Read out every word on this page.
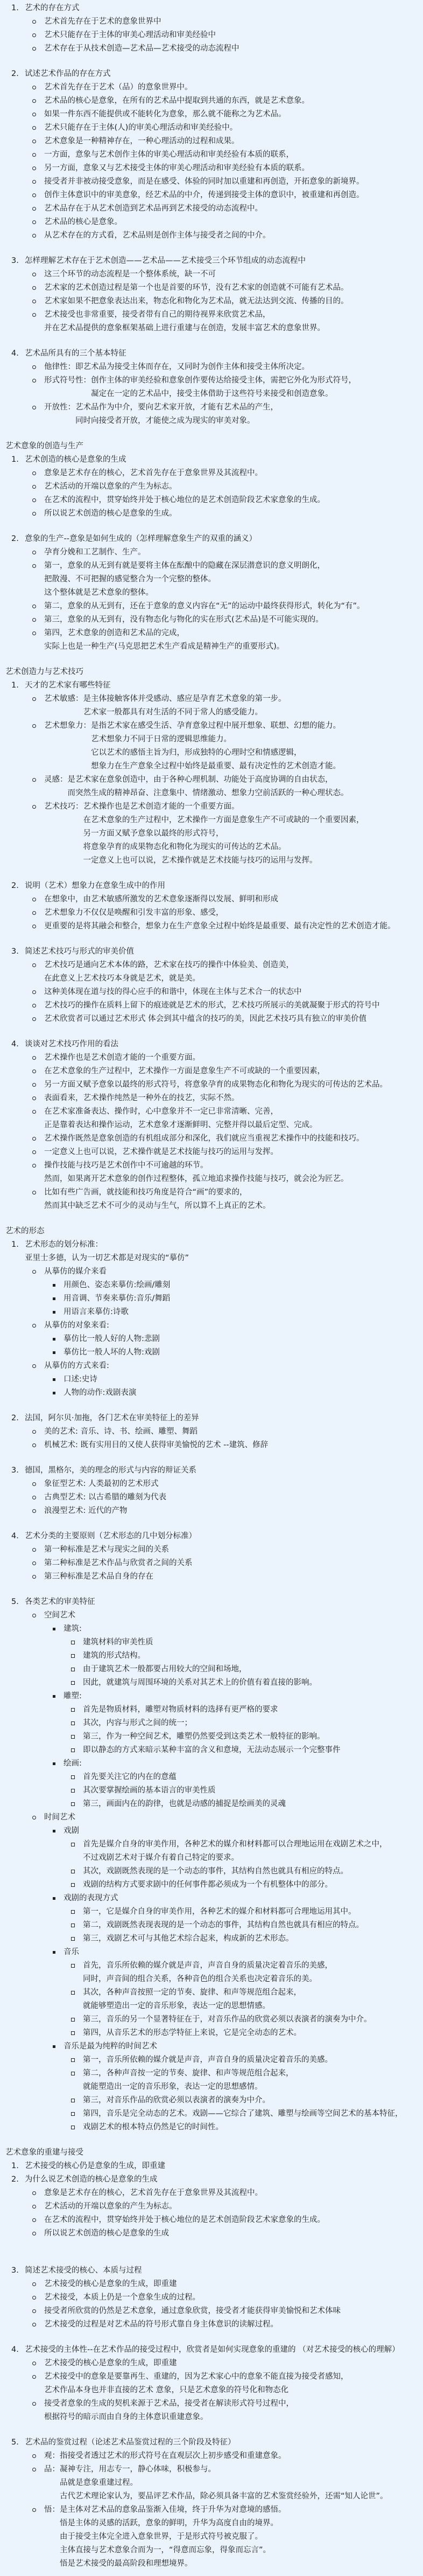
1. 艺术的存在方式
艺术首先存在于艺术的意象世界中
艺术只能存在于主体的审美心理活动和审美经验中
艺术存在于从技术创造—艺术品—艺术接受的动态流程中
2. 试述艺术作品的存在方式
艺术首先存在于艺术（品）的意象世界中。
艺术品的核心是意象，在所有的艺术品中提取到共通的东西，就是艺术意象。
如果一件东西不能提供或不能转化为意象，那么就不能称之为艺术品。
艺术只能存在于主体(人)的审美心理活动和审美经验中。
艺术意象是一种精神存在，一种心理活动的过程和成果。
一方面，意象与艺术创作主体的审美心理活动和审美经验有本质的联系，
另一方面，意象又与艺术接受主体的审美心理活动和审美经验有本质的联系。
接受者并非被动接受意象，而是在感受、体验的同时加以重建和再创造，开拓意象的新境界。
创作主体意识中的审美意象，经艺术品的中介，传递到接受主体的意识中，被重建和再创造。
艺术品存在于从艺术创造到艺术品再到艺术接受的动态流程中。
艺术品的核心是意象。
从艺术存在的方式看，艺术品则是创作主体与接受者之间的中介。
3. 怎样理解艺术存在于艺术创造——艺术品——艺术接受三个环节组成的动态流程中
这三个环节的动态流程是一个整体系统，缺一不可
艺术家的艺术创造过程是第一个也是首要的环节，没有艺术家的创造就不可能有艺术品。
艺术家如果不把意象表达出来，物态化和物化为艺术品，就无法达到交流、传播的目的。
艺术接受也非常重要，接受者带有自己的期待视界来欣赏艺术品，
并在艺术品提供的意象框架基础上进行重建与在创造，发展丰富艺术的意象世界。
4. 艺术品所具有的三个基本特征
他律性：即艺术品为接受主体而存在，又同时为创作主体和接受主体所决定。
形式符号性：创作主体的审美经验和意象创作要传达给接受主体，需把它外化为形式符号，
凝定在一定的艺术品中，接受主体借助于这些符号来接受和创造意象。
开放性：艺术品作为中介，要向艺术家开放，才能有艺术品的产生，
同时向接受者开放，才能使之成为现实的审美对象。
艺术意象的创造与生产
1. 艺术创造的核心是意象的生成
意象是艺术存在的核心，艺术首先存在于意象世界及其流程中。
艺术活动的开端以意象的产生为标志。
在艺术的流程中，贯穿始终并处于核心地位的是艺术创造阶段艺术家意象的生成。
所以说艺术创造的核心是意象的生成。
2. 意象的生产--意象是如何生成的（怎样理解意象生产的双重的涵义）
孕育分娩和工艺制作、生产。
第一，意象的从无到有就是要将主体在酝酿中的隐藏在深层潜意识的意义明朗化，
把散漫、不可把握的感觉整合为一个完整的整体。
这个整体就是艺术意象的整体。
第二，意象的从无到有，还在于意象的意义内容在“无”的运动中最终获得形式，转化为“有”。
第三，意象的从无到有，没有物态化与物化的实在形式(艺术品)是不可能实现的。
第四，艺术意象的创造和艺术品的完成，
实际上也是一种生产(马克思把艺术生产看成是精神生产的重要形式)。
艺术创造力与艺术技巧
1. 天才的艺术家有哪些特征
艺术敏感：是主体接触客体并受感动、感应是孕育艺术意象的第一步。
艺术家一般都具有对生活的不同于常人的感受能力。
艺术想象力：是指艺术家在感受生活、孕育意象过程中展开想象、联想、幻想的能力。
艺术想象力不同于日常的逻辑思维能力。
它以艺术的感悟主旨为归，形成独特的心理时空和情感逻辑，
想象力在生产意象全过程中始终是最重要、最有决定性的艺术创造才能。
灵感：是艺术家在意象创造中，由于各种心理机制、功能处于高度协调的自由状态，
而突然生成的精神昂奋、注意集中、情绪激动、想象力空前活跃的一种心理状态。
艺术技巧：艺术操作也是艺术创造才能的一个重要方面。
在艺术意象的生产过程中，艺术操作一方面是意象生产不可或缺的一个重要因素，
另一方面又赋予意象以最终的形式符号，
将意象孕育的成果物态化和物化为现实的可传达的艺术品。
一定意义上也可以说，艺术操作就是艺术技能与技巧的运用与发挥。
2. 说明（艺术）想象力在意象生成中的作用
在想象中，由艺术敏感所激发的艺术意象逐渐得以发展、鲜明和形成
艺术想象力不仅仅是唤醒和引发丰富的形象、感受，
更重要的是将其融会和整合，想象力在生产意象全过程中始终是最重要、最有决定性的艺术创造才能。
3. 简述艺术技巧与形式的审美价值
艺术技巧是通向艺术本体的路，艺术家在技巧的操作中体验美、创造美，
在此意义上艺术技巧本身就是艺术，就是美。
这种美体现在道与技的得心应手的和谐中，体现在主体与艺术合一的状态中
艺术技巧的操作在质料上留下的痕迹就是艺术的形式，艺术技巧所展示的美就凝聚于形式的符号中
艺术欣赏者可以通过艺术形式 体会到其中蕴含的技巧的美，因此艺术技巧具有独立的审美价值
4. 谈谈对艺术技巧作用的看法
艺术操作也是艺术创造才能的一个重要方面。
在艺术意象的生产过程中，艺术操作一方面是意象生产不可或缺的一个重要因素，
另一方面又赋予意象以最终的形式符号，将意象孕育的成果物态化和物化为现实的可传达的艺术品。
表面看来，艺术操作纯然是一种外在的技艺，实际不然。
在艺术家准备表达、操作时，心中意象并不一定已非常清晰、完善，
正是靠着表达和操作运动，艺术意象才逐渐鲜明、完整并得以最后定型、完成。
艺术操作既然是意象创造的有机组成部分和深化，我们就应当重视艺术操作中的技能和技巧。
一定意义上也可以说，艺术操作就是艺术技能与技巧的运用与发挥。
操作技能与技巧是艺术创作中不可逾越的环节。
然而，如果离开艺术意象的创作过程整体，孤立地追求操作技能与技巧，就会沦为匠艺。
比如有些广告画，就技能和技巧角度是符合“画”的要求的，
然而其中缺乏艺术不可少的灵动与生气，所以算不上真正的艺术。
艺术的形态
1. 艺术形态的划分标准：
亚里士多德，认为一切艺术都是对现实的“摹仿”
从摹仿的媒介来看
用颜色、姿态来摹仿:绘画/雕刻
用音调、节奏来摹仿:音乐/舞蹈
用语言来摹仿:诗歌
从摹仿的对象来看:
摹仿比一般人好的人物:悲剧
摹仿比一般人坏的人物:戏剧
从摹仿的方式来看:
口述:史诗
人物的动作:戏剧表演
2. 法国，阿尔贝·加拖，各门艺术在审美特征上的差异
美的艺术: 音乐、诗、书、绘画、雕塑、舞蹈
机械艺术: 既有实用目的又使人获得审美愉悦的艺术 --建筑、修辞
3. 德国，黑格尔，美的理念的形式与内容的辩证关系
象征型艺术: 人类最初的艺术形式
古典型艺术: 以古希腊的雕刻为代表
浪漫型艺术: 近代的产物
4. 艺术分类的主要原则（艺术形态的几中划分标准）
第一种标准是艺术与现实之间的关系
第二种标准是艺术作品与欣赏者之间的关系
第三种标准是艺术品自身的存在
5. 各类艺术的审美特征
空间艺术
建筑:
建筑材料的审美性质
建筑的形式结构。
由于建筑艺术一般都要占用较大的空间和场地，
因此，就建筑与周围环境的关系对其艺术上的价值有着直接的影响。
雕塑:
首先是物质材料，雕塑对物质材料的选择有更严格的要求
其次，内容与形式之间的统一；
第三，作为一种空间艺术，雕塑仍然要受到这类艺术一般特征的影响。
即以静态的方式来暗示某种丰富的含义和意境，无法动态展示一个完整事件
绘画:
首先要关注它的内在的意蕴
其次要掌握绘画的基本语言的审美性质
第三，画面内在的韵律，也就是动感的捕捉是绘画美的灵魂
时间艺术
戏剧
首先是媒介自身的审美作用，各种艺术的媒介和材料都可以合理地运用在戏剧艺术之中，
不过戏剧艺术对于媒介有着自己特定的要求。
其次，戏剧既然表现的是一个动态的事件，其结构自然也就具有相应的特点。
戏剧的结构方式要求剧中的任何事件都必须成为一个有机整体中的部分。
戏剧的表现方式
第一，它是媒介自身的审美作用，各种艺术的媒介和材料都可合理地运用其中。
第二，戏剧既然表现表现的是一个动态的事件，其结构自然也就具有相应的特点。
第三，戏剧艺术可与其他艺术综合起来，构成新的艺术形态。
音乐
首先，音乐所依赖的媒介就是声音，声音自身的质量决定着音乐的美感，
同时，声音间的组合关系，各种音色的组合关系也决定着音乐的美。
其次，各种声音按照一定的节奏、旋律、和声等规范组合起来，
就能够塑造出一定的音乐形象，表达一定的思想情感。
第三，音乐的另一个显著特征在于，对音乐作品的欣赏必须以表演者的演奏为中介。
第四，从音乐艺术的形态学特征上来说，它是完全动态的艺术。
音乐是最为纯粹的时间艺术
第一，音乐所依赖的媒介就是声音，声音自身的质量决定着音乐的美感。
第二，各种声音按一定的节奏、旋律、和声等规范组合起来，
就能塑造出一定的音乐形象，表达一定的思想感情。
第三，对音乐作品的欣赏必须以表演者的演奏为中介。
第四，音乐是完全动态的艺术。戏剧——它综合了建筑、雕塑与绘画等空间艺术的基本特征，
戏剧艺术的根本特点仍然是它的时间性。
艺术意象的重建与接受
1. 艺术接受的核心仍是意象的生成，即重建
2. 为什么说艺术创造的核心是意象的生成
意象是艺术存在的核心，艺术首先存在于意象世界及其流程中。
艺术活动的开端以意象的产生为标志。
在艺术的流程中，贯穿始终并处于核心地位的是艺术创造阶段艺术家意象的生成。
所以说艺术创造的核心是意象的生成
3. 简述艺术接受的核心、本质与过程
艺术接受的核心是意象的生成，即重建
艺术接受，本质上仍是一个意象生成的过程。
接受者所欣赏的仍然是艺术意象，通过意象欣赏，接受者才能获得审美愉悦和艺术体味
艺术接受的过程是对艺术品的符号形式靠自身主体意识的读解过程。
4. 艺术接受的主体性--在艺术作品的接受过程中，欣赏者是如何实现意象的重建的 （对艺术接受的核心的理解）
艺术接受的核心是意象的生成，即重建
艺术接受中的意象是要靠再生、重建的，因为艺术家心中的意象不能直接为接受者感知，
艺术作品本身也并非直接的艺术 意象，只是艺术意象的符号化和物态化
接受者意象的生成的契机来源于艺术品，接受者在解读形式符号过程中，
根据符号的暗示而由自身的主体意识重建意象。
5. 艺术品的鉴赏过程（论述艺术品鉴赏过程的三个阶段及特征）
观：指接受者透过艺术的形式符号在直观层次上初步感受和重建意象。
品：凝神专注，用志专一，静心体味，积极参与。
品就是意象重建过程。
古代艺术理论家认为，要品评艺术作品，除必须具备丰富的艺术鉴赏经验外，还需“知人论世”。
悟：是主体对艺术品的意象品鉴渐入佳境，终于升华为对意境的感悟。
悟是主体的灵感的活跃，意象的鲜明，升华为高度自由的境界。
由于接受主体完全进入意象世界，于是形式符号被克服了。
主体直接与艺术意象合而为一，“得意而忘象，得象而忘言”。
悟是艺术接受的最高阶段和理想境界。
